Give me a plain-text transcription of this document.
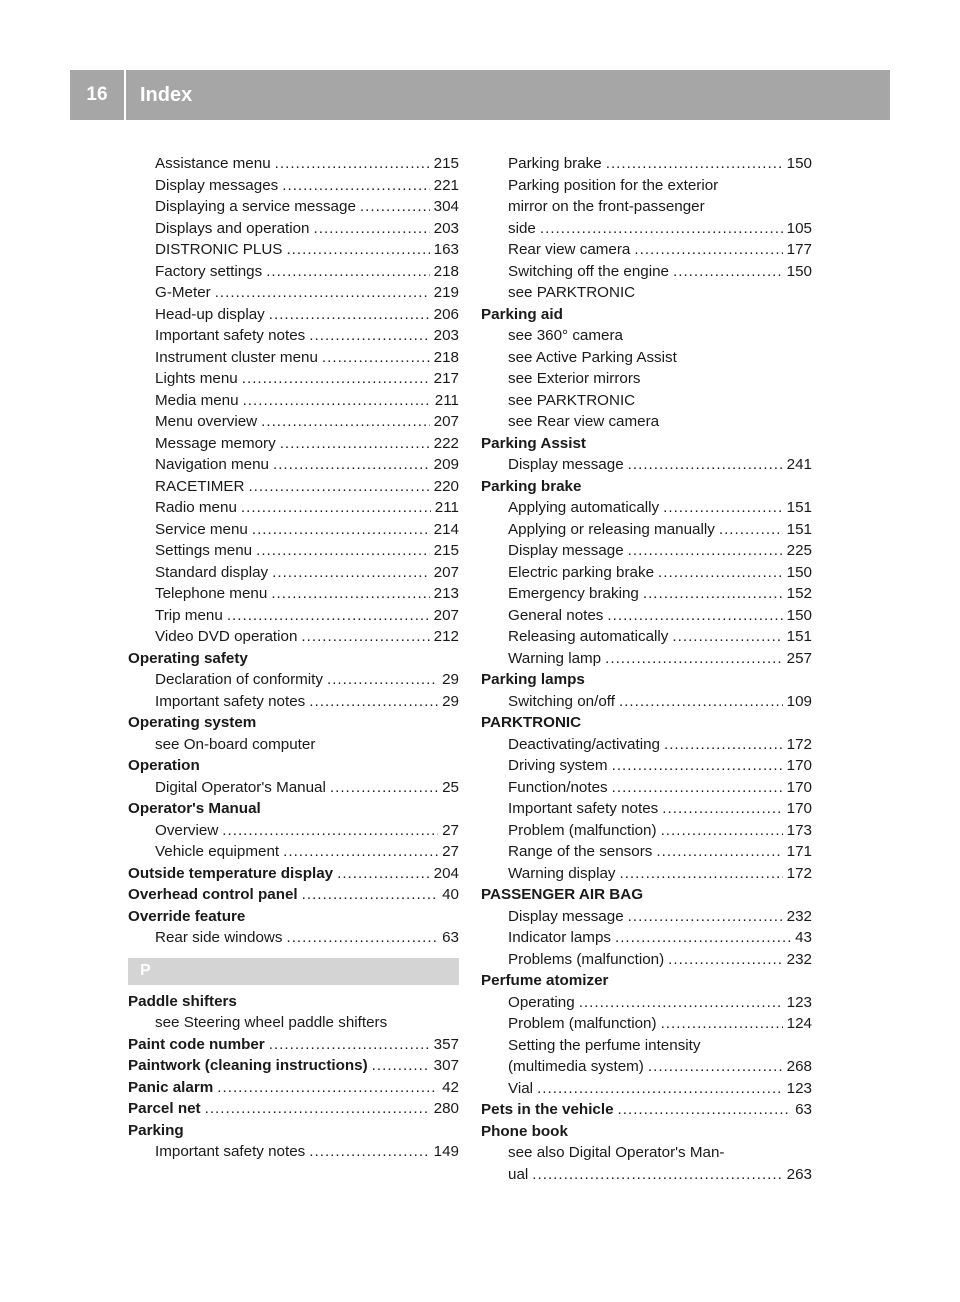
16	Index
Assistance menu .....	215
Display messages .....	221
Displaying a service message .....	304
Displays and operation .....	203
DISTRONIC PLUS .....	163
Factory settings .....	218
G-Meter .....	219
Head-up display .....	206
Important safety notes .....	203
Instrument cluster menu .....	218
Lights menu .....	217
Media menu .....	211
Menu overview .....	207
Message memory .....	222
Navigation menu .....	209
RACETIMER .....	220
Radio menu .....	211
Service menu .....	214
Settings menu .....	215
Standard display .....	207
Telephone menu .....	213
Trip menu .....	207
Video DVD operation .....	212
Operating safety
Declaration of conformity .....	29
Important safety notes .....	29
Operating system
see On-board computer
Operation
Digital Operator's Manual .....	25
Operator's Manual
Overview .....	27
Vehicle equipment .....	27
Outside temperature display .....	204
Overhead control panel .....	40
Override feature
Rear side windows .....	63
P
Paddle shifters
see Steering wheel paddle shifters
Paint code number .....	357
Paintwork (cleaning instructions) .....	307
Panic alarm .....	42
Parcel net .....	280
Parking
Important safety notes .....	149
Parking brake .....	150
Parking position for the exterior
mirror on the front-passenger
side .....	105
Rear view camera .....	177
Switching off the engine .....	150
see PARKTRONIC
Parking aid
see 360° camera
see Active Parking Assist
see Exterior mirrors
see PARKTRONIC
see Rear view camera
Parking Assist
Display message .....	241
Parking brake
Applying automatically .....	151
Applying or releasing manually .....	151
Display message .....	225
Electric parking brake .....	150
Emergency braking .....	152
General notes .....	150
Releasing automatically .....	151
Warning lamp .....	257
Parking lamps
Switching on/off .....	109
PARKTRONIC
Deactivating/activating .....	172
Driving system .....	170
Function/notes .....	170
Important safety notes .....	170
Problem (malfunction) .....	173
Range of the sensors .....	171
Warning display .....	172
PASSENGER AIR BAG
Display message .....	232
Indicator lamps .....	43
Problems (malfunction) .....	232
Perfume atomizer
Operating .....	123
Problem (malfunction) .....	124
Setting the perfume intensity
(multimedia system) .....	268
Vial .....	123
Pets in the vehicle .....	63
Phone book
see also Digital Operator's Man-
ual .....	263
